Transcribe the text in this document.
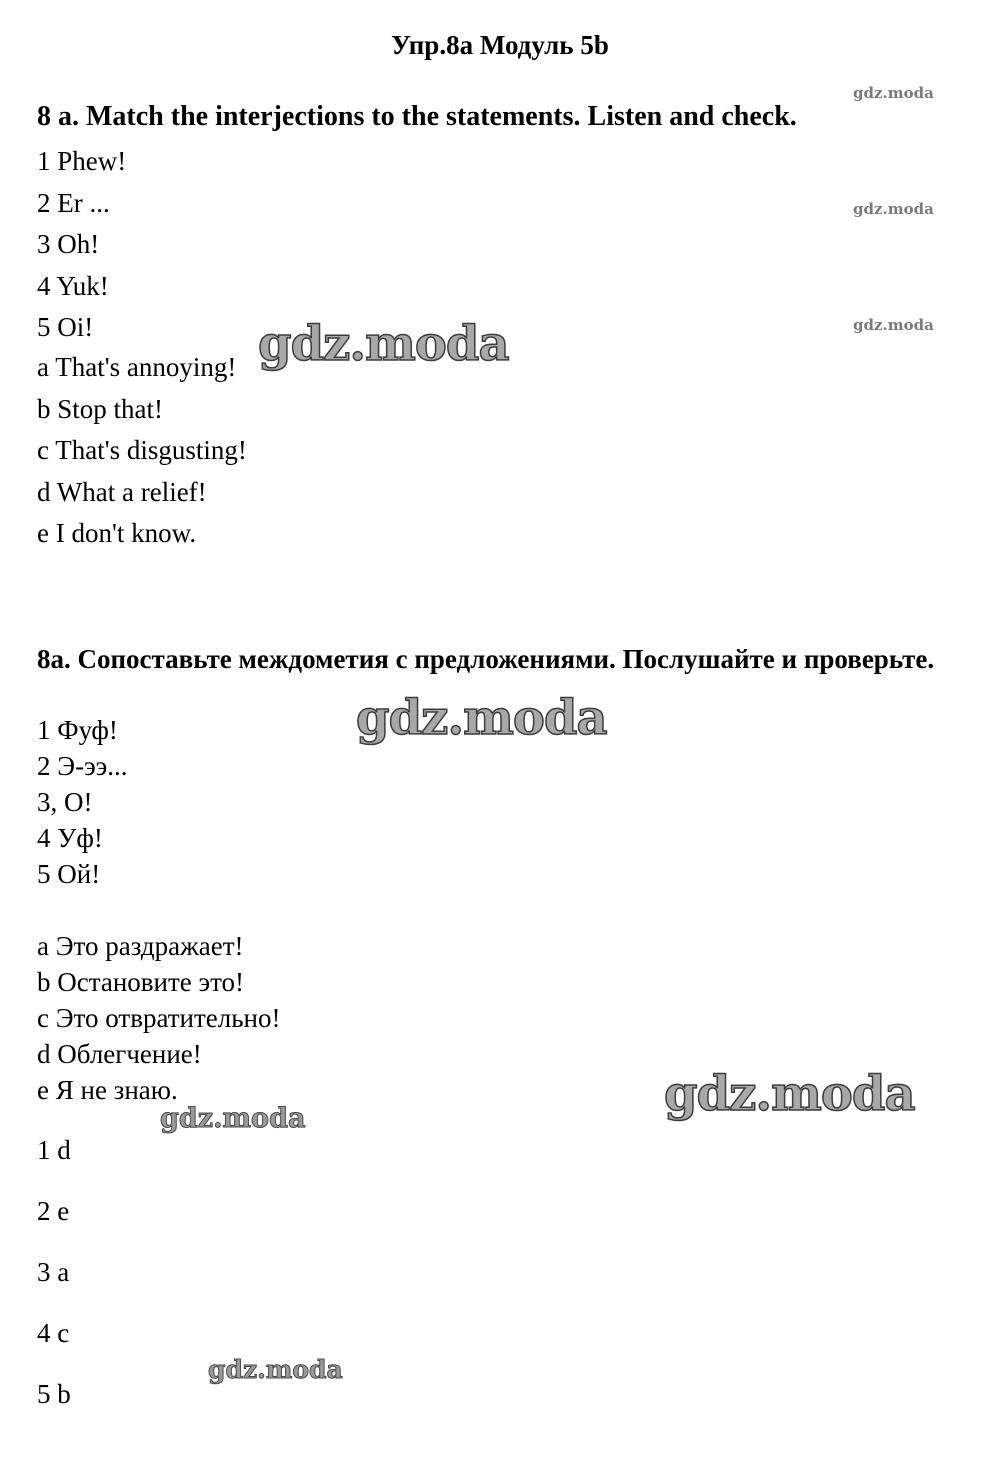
Упр.8а Модуль 5b

8 a. Match the interjections to the statements. Listen and check.

1 Phew!
2 Er ...
3 Oh!
4 Yuk!
5 Oi!
a That's annoying!
b Stop that!
c That's disgusting!
d What a relief!
e I don't know.

8а. Сопоставьте междометия с предложениями. Послушайте и проверьте.

1 Фуф!
2 Э-ээ...
3, О!
4 Уф!
5 Ой!
a Это раздражает!
b Остановите это!
c Это отвратительно!
d Облегчение!
e Я не знаю.
1 d
2 e
3 a
4 c
5 b
gdz.moda
gdz.moda
gdz.moda
gdz.moda
gdz.moda
gdz.moda
gdz.moda
gdz.moda
